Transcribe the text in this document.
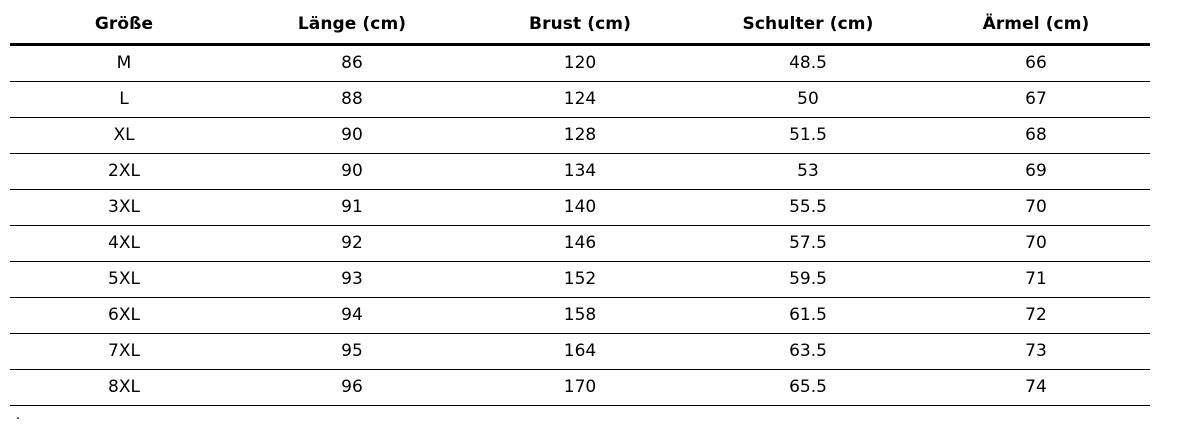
Größe	Länge (cm)	Brust (cm)	Schulter (cm)	Ärmel (cm)
M	86	120	48.5	66
L	88	124	50	67
XL	90	128	51.5	68
2XL	90	134	53	69
3XL	91	140	55.5	70
4XL	92	146	57.5	70
5XL	93	152	59.5	71
6XL	94	158	61.5	72
7XL	95	164	63.5	73
8XL	96	170	65.5	74
.
